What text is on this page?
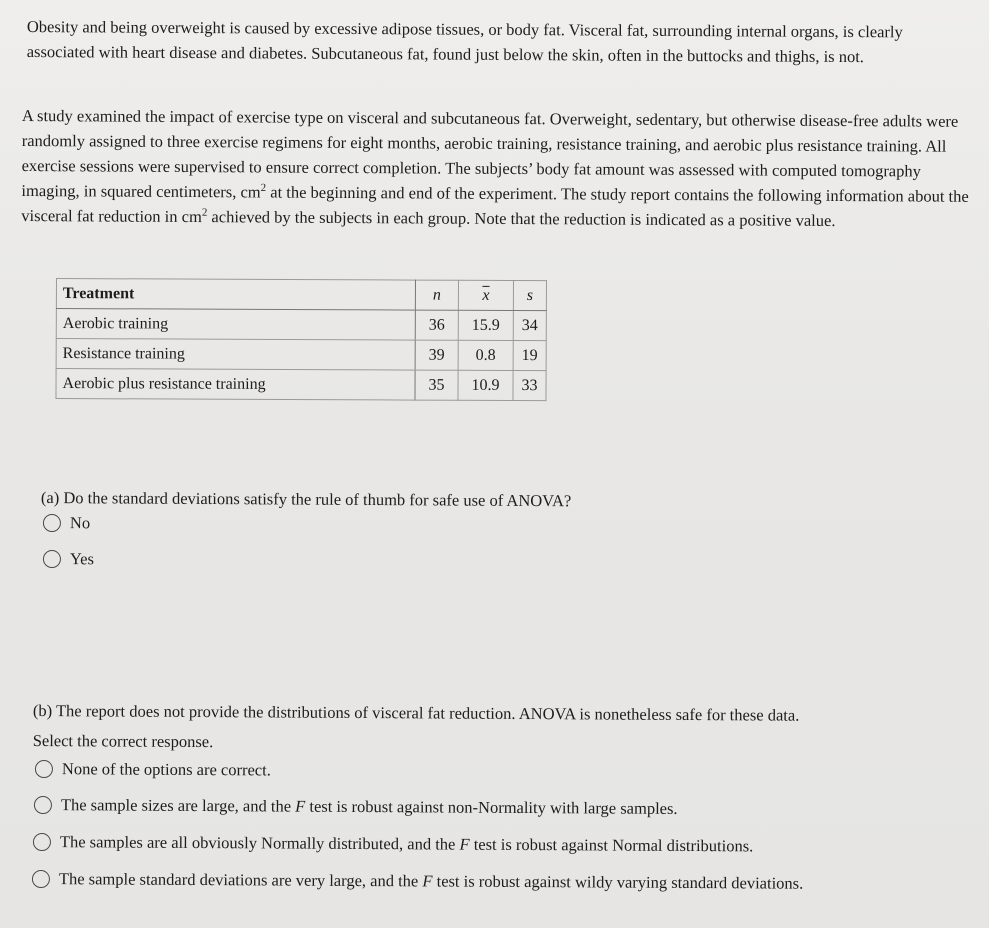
Obesity and being overweight is caused by excessive adipose tissues, or body fat. Visceral fat, surrounding internal organs, is clearly associated with heart disease and diabetes. Subcutaneous fat, found just below the skin, often in the buttocks and thighs, is not.

A study examined the impact of exercise type on visceral and subcutaneous fat. Overweight, sedentary, but otherwise disease-free adults were randomly assigned to three exercise regimens for eight months, aerobic training, resistance training, and aerobic plus resistance training. All exercise sessions were supervised to ensure correct completion. The subjects’ body fat amount was assessed with computed tomography imaging, in squared centimeters, $cm^2$ at the beginning and end of the experiment. The study report contains the following information about the visceral fat reduction in $cm^2$ achieved by the subjects in each group. Note that the reduction is indicated as a positive value.

Treatment	n	$\overline{x}$	s
Aerobic training	36	15.9	34
Resistance training	39	0.8	19
Aerobic plus resistance training	35	10.9	33

(a) Do the standard deviations satisfy the rule of thumb for safe use of ANOVA?

No
Yes
(b) The report does not provide the distributions of visceral fat reduction. ANOVA is nonetheless safe for these data.
Select the correct response.
None of the options are correct.
The sample sizes are large, and the F test is robust against non-Normality with large samples.
The samples are all obviously Normally distributed, and the F test is robust against Normal distributions.
The sample standard deviations are very large, and the F test is robust against wildy varying standard deviations.
